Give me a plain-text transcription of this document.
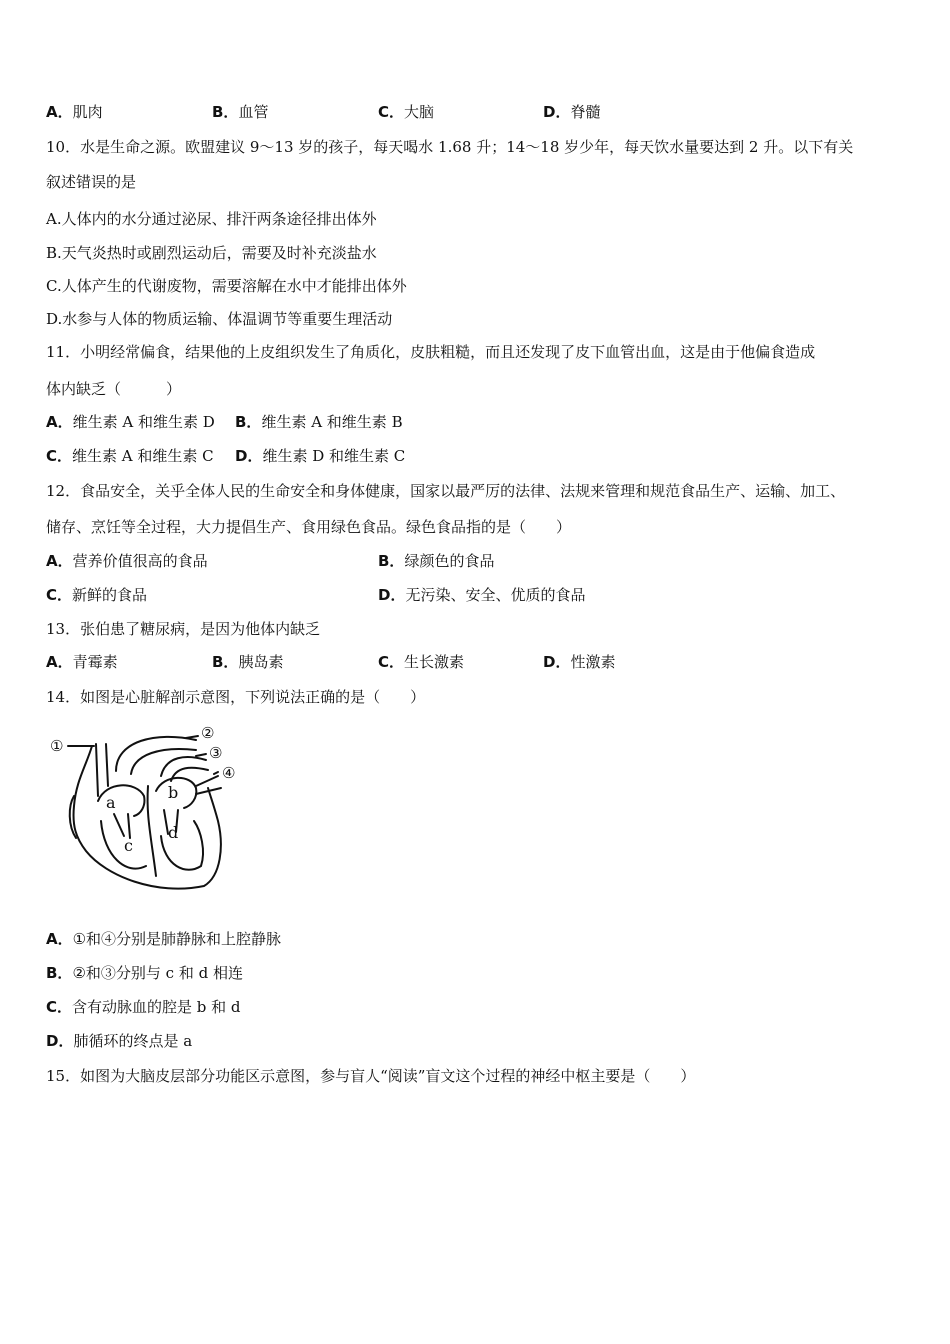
A．肌肉	B．血管	C．大脑	D．脊髓
10．水是生命之源。欧盟建议 9～13 岁的孩子，每天喝水 1.68 升；14～18 岁少年，每天饮水量要达到 2 升。以下有关
叙述错误的是
A.人体内的水分通过泌尿、排汗两条途径排出体外
B.天气炎热时或剧烈运动后，需要及时补充淡盐水
C.人体产生的代谢废物，需要溶解在水中才能排出体外
D.水参与人体的物质运输、体温调节等重要生理活动
11．小明经常偏食，结果他的上皮组织发生了角质化，皮肤粗糙，而且还发现了皮下血管出血，这是由于他偏食造成
体内缺乏（　　　）
A．维生素 A 和维生素 D B．维生素 A 和维生素 B
C．维生素 A 和维生素 C D．维生素 D 和维生素 C
12．食品安全，关乎全体人民的生命安全和身体健康，国家以最严厉的法律、法规来管理和规范食品生产、运输、加工、
储存、烹饪等全过程，大力提倡生产、食用绿色食品。绿色食品指的是（　　）
A．营养价值很高的食品	B．绿颜色的食品
C．新鲜的食品	D．无污染、安全、优质的食品
13．张伯患了糖尿病，是因为他体内缺乏
A．青霉素	B．胰岛素	C．生长激素	D．性激素
14．如图是心脏解剖示意图，下列说法正确的是（　　）
①
②
③
④
a
b
c
d
A．①和④分别是肺静脉和上腔静脉
B．②和③分别与 c 和 d 相连
C．含有动脉血的腔是 b 和 d
D．肺循环的终点是 a
15．如图为大脑皮层部分功能区示意图，参与盲人“阅读”盲文这个过程的神经中枢主要是（　　）
